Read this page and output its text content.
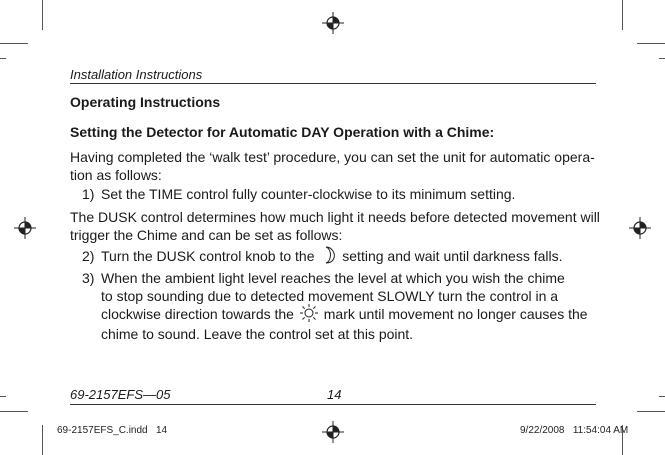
Installation Instructions
Operating Instructions
Setting the Detector for Automatic DAY Operation with a Chime:
Having completed the ‘walk test’ procedure, you can set the unit for automatic opera-
tion as follows:
1) Set the TIME control fully counter-clockwise to its minimum setting.
The DUSK control determines how much light it needs before detected movement will
trigger the Chime and can be set as follows:
2) Turn the DUSK control knob to the setting and wait until darkness falls.
3) When the ambient light level reaches the level at which you wish the chime
to stop sounding due to detected movement SLOWLY turn the control in a
clockwise direction towards the mark until movement no longer causes the
chime to sound. Leave the control set at this point.
69-2157EFS—05	14
69-2157EFS_C.indd   14	9/22/2008   11:54:04 AM
